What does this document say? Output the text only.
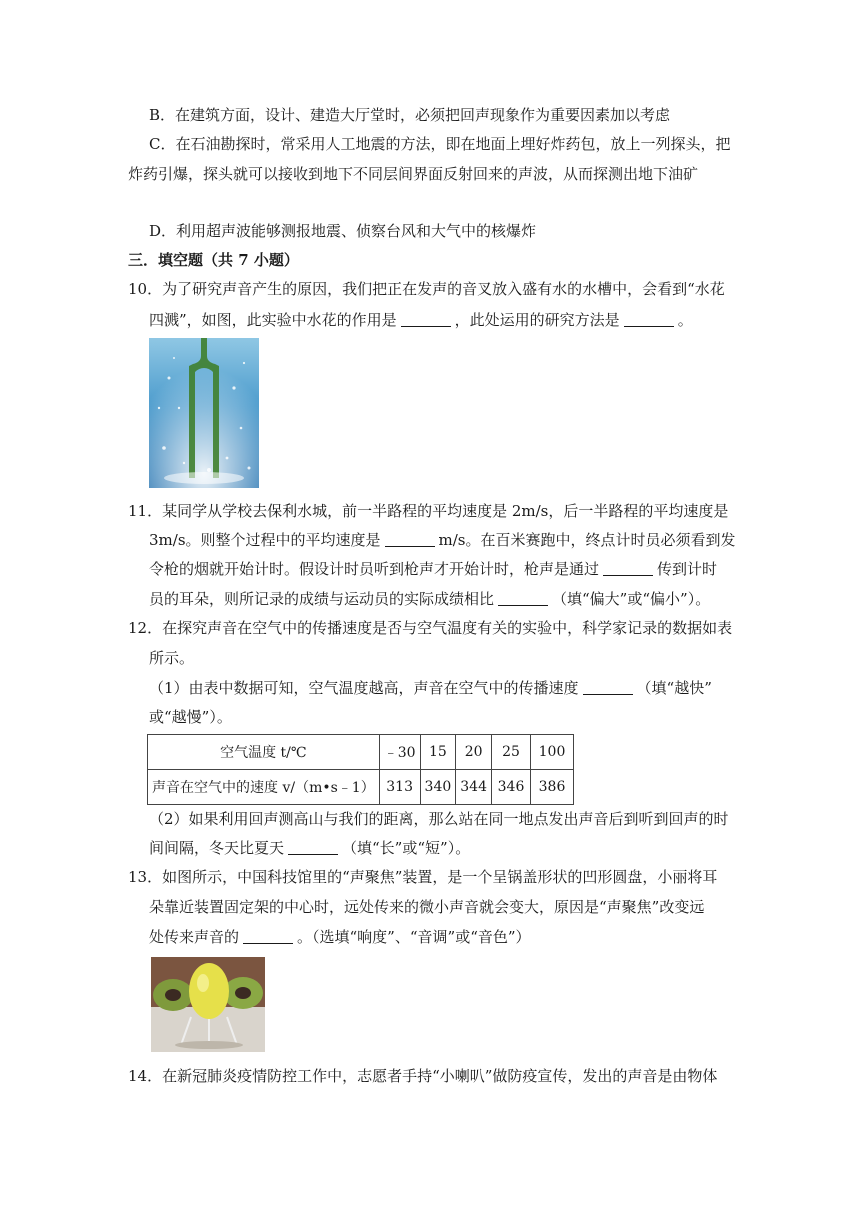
B．在建筑方面，设计、建造大厅堂时，必须把回声现象作为重要因素加以考虑
C．在石油勘探时，常采用人工地震的方法，即在地面上埋好炸药包，放上一列探头，把
炸药引爆，探头就可以接收到地下不同层间界面反射回来的声波，从而探测出地下油矿
D．利用超声波能够测报地震、侦察台风和大气中的核爆炸
三．填空题（共 7 小题）
10．为了研究声音产生的原因，我们把正在发声的音叉放入盛有水的水槽中，会看到“水花
四溅”，如图，此实验中水花的作用是	，此处运用的研究方法是	。
11．某同学从学校去保利水城，前一半路程的平均速度是 2m/s，后一半路程的平均速度是
3m/s。则整个过程中的平均速度是	m/s。在百米赛跑中，终点计时员必须看到发
令枪的烟就开始计时。假设计时员听到枪声才开始计时，枪声是通过	传到计时
员的耳朵，则所记录的成绩与运动员的实际成绩相比	（填“偏大”或“偏小”）。
12．在探究声音在空气中的传播速度是否与空气温度有关的实验中，科学家记录的数据如表
所示。
（1）由表中数据可知，空气温度越高，声音在空气中的传播速度	（填“越快”
或“越慢”）。
空气温度 t/℃	﹣30	15	20	25	100
声音在空气中的速度 v/（m•s﹣1）	313	340	344	346	386
（2）如果利用回声测高山与我们的距离，那么站在同一地点发出声音后到听到回声的时
间间隔，冬天比夏天	（填“长”或“短”）。
13．如图所示，中国科技馆里的“声聚焦”装置，是一个呈锅盖形状的凹形圆盘，小丽将耳
朵靠近装置固定架的中心时，远处传来的微小声音就会变大，原因是“声聚焦”改变远
处传来声音的	。（选填“响度”、“音调”或“音色”）
14．在新冠肺炎疫情防控工作中，志愿者手持“小喇叭”做防疫宣传，发出的声音是由物体
